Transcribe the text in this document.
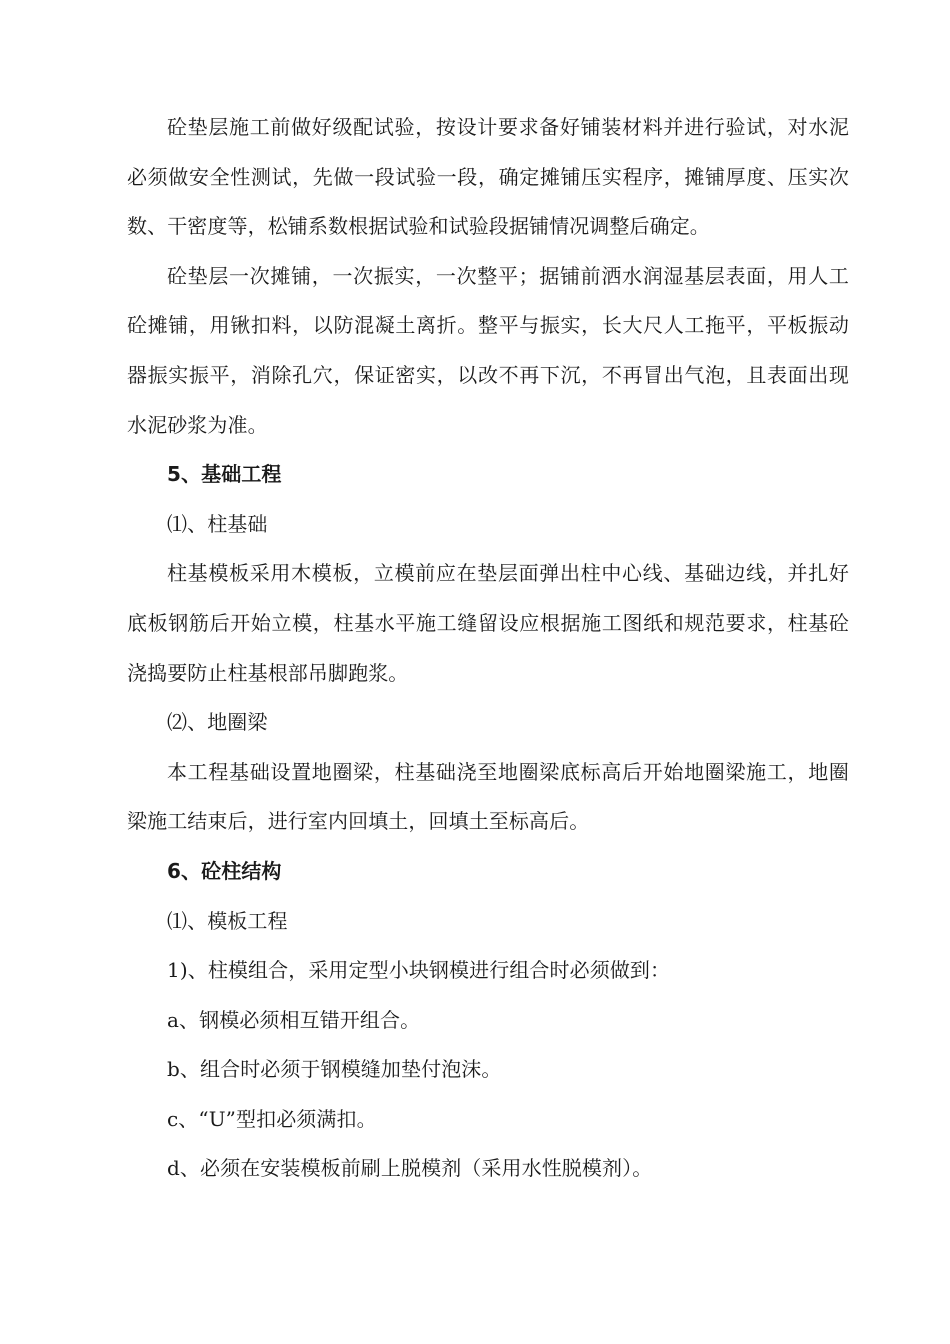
砼垫层施工前做好级配试验，按设计要求备好铺装材料并进行验试，对水泥必须做安全性测试，先做一段试验一段，确定摊铺压实程序，摊铺厚度、压实次数、干密度等，松铺系数根据试验和试验段据铺情况调整后确定。

砼垫层一次摊铺，一次振实，一次整平；据铺前洒水润湿基层表面，用人工砼摊铺，用锹扣料，以防混凝土离折。整平与振实，长大尺人工拖平，平板振动器振实振平，消除孔穴，保证密实，以改不再下沉，不再冒出气泡，且表面出现水泥砂浆为准。

5、基础工程

⑴、柱基础

柱基模板采用木模板，立模前应在垫层面弹出柱中心线、基础边线，并扎好底板钢筋后开始立模，柱基水平施工缝留设应根据施工图纸和规范要求，柱基砼浇捣要防止柱基根部吊脚跑浆。

⑵、地圈梁

本工程基础设置地圈梁，柱基础浇至地圈梁底标高后开始地圈梁施工，地圈梁施工结束后，进行室内回填土，回填土至标高后。

6、砼柱结构

⑴、模板工程

1)、柱模组合，采用定型小块钢模进行组合时必须做到：

a、钢模必须相互错开组合。

b、组合时必须于钢模缝加垫付泡沫。

c、“U”型扣必须满扣。

d、必须在安装模板前刷上脱模剂（采用水性脱模剂）。
